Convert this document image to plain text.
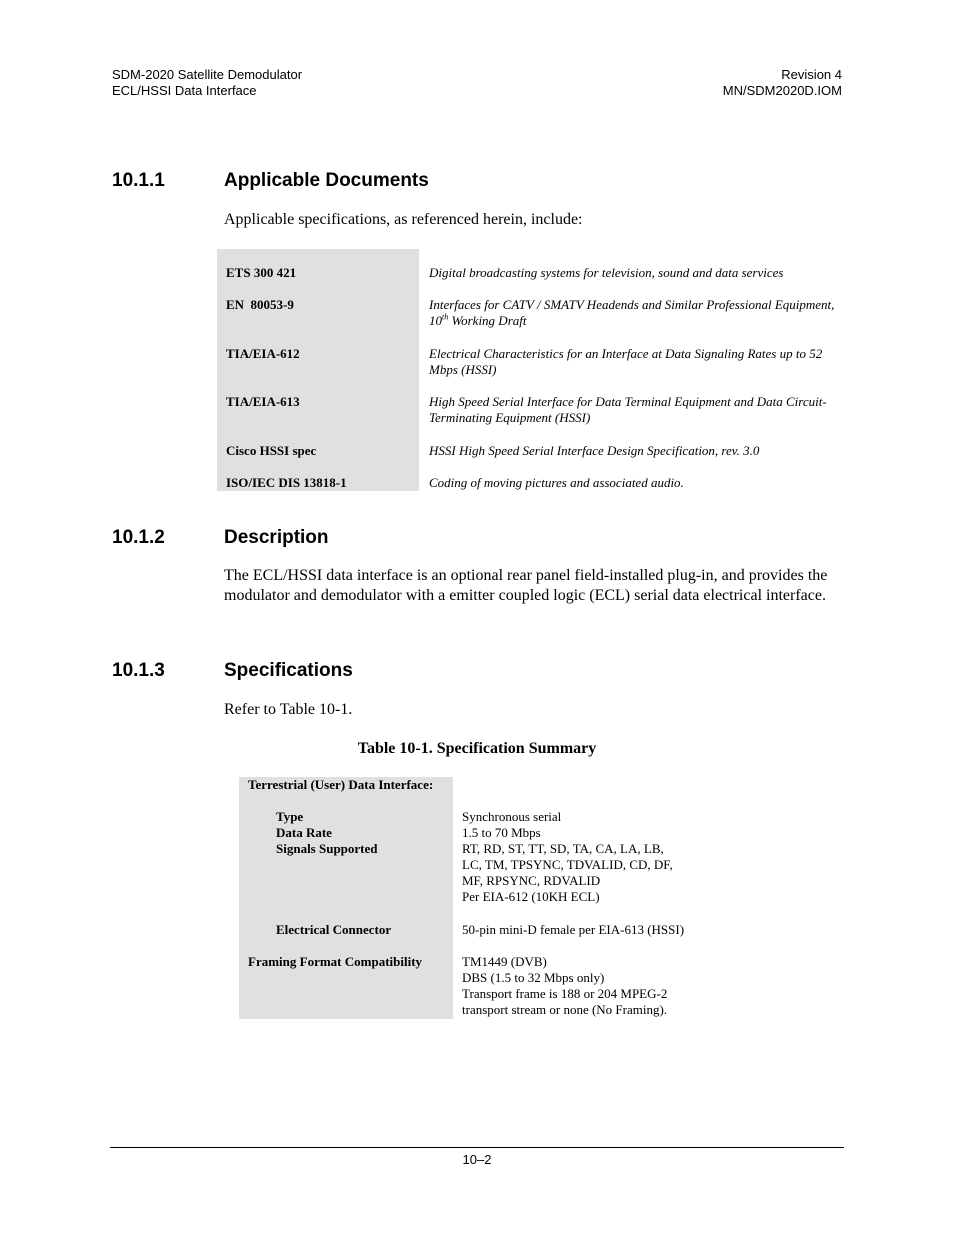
SDM-2020 Satellite Demodulator
ECL/HSSI Data Interface
Revision 4
MN/SDM2020D.IOM
10.1.1	Applicable Documents
Applicable specifications, as referenced herein, include:
ETS 300 421	Digital broadcasting systems for television, sound and data services
EN  80053-9	Interfaces for CATV / SMATV Headends and Similar Professional Equipment, 10th Working Draft
TIA/EIA-612	Electrical Characteristics for an Interface at Data Signaling Rates up to 52 Mbps (HSSI)
TIA/EIA-613	High Speed Serial Interface for Data Terminal Equipment and Data Circuit-Terminating Equipment (HSSI)
Cisco HSSI spec	HSSI High Speed Serial Interface Design Specification, rev. 3.0
ISO/IEC DIS 13818-1	Coding of moving pictures and associated audio.
10.1.2	Description
The ECL/HSSI data interface is an optional rear panel field-installed plug-in, and provides the modulator and demodulator with a emitter coupled logic (ECL) serial data electrical interface.
10.1.3	Specifications
Refer to Table 10-1.
Table 10-1. Specification Summary
Terrestrial (User) Data Interface:
Type	Synchronous serial
Data Rate	1.5 to 70 Mbps
Signals Supported	RT, RD, ST, TT, SD, TA, CA, LA, LB,
LC, TM, TPSYNC, TDVALID, CD, DF,
MF, RPSYNC, RDVALID
Per EIA-612 (10KH ECL)
Electrical Connector	50-pin mini-D female per EIA-613 (HSSI)
Framing Format Compatibility	TM1449 (DVB)
DBS (1.5 to 32 Mbps only)
Transport frame is 188 or 204 MPEG-2
transport stream or none (No Framing).
10–2
